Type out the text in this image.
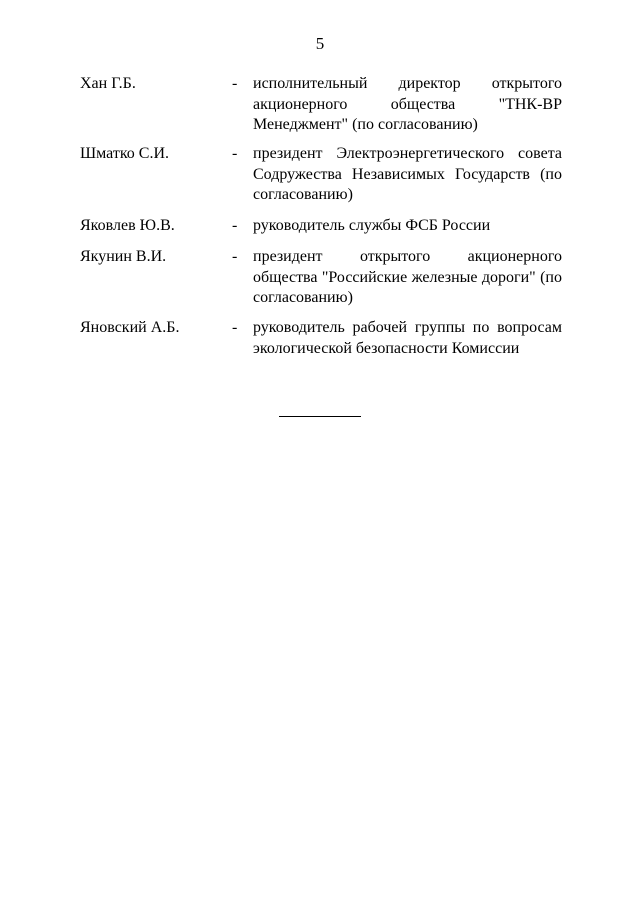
5
Хан Г.Б.	- исполнительный директор открытого акционерного общества "ТНК-ВР Менеджмент" (по согласованию)
Шматко С.И.	- президент Электроэнергетического совета Содружества Независимых Государств (по согласованию)
Яковлев Ю.В.	- руководитель службы ФСБ России
Якунин В.И.	- президент открытого акционерного общества "Российские железные дороги" (по согласованию)
Яновский А.Б.	- руководитель рабочей группы по вопросам экологической безопасности Комиссии
